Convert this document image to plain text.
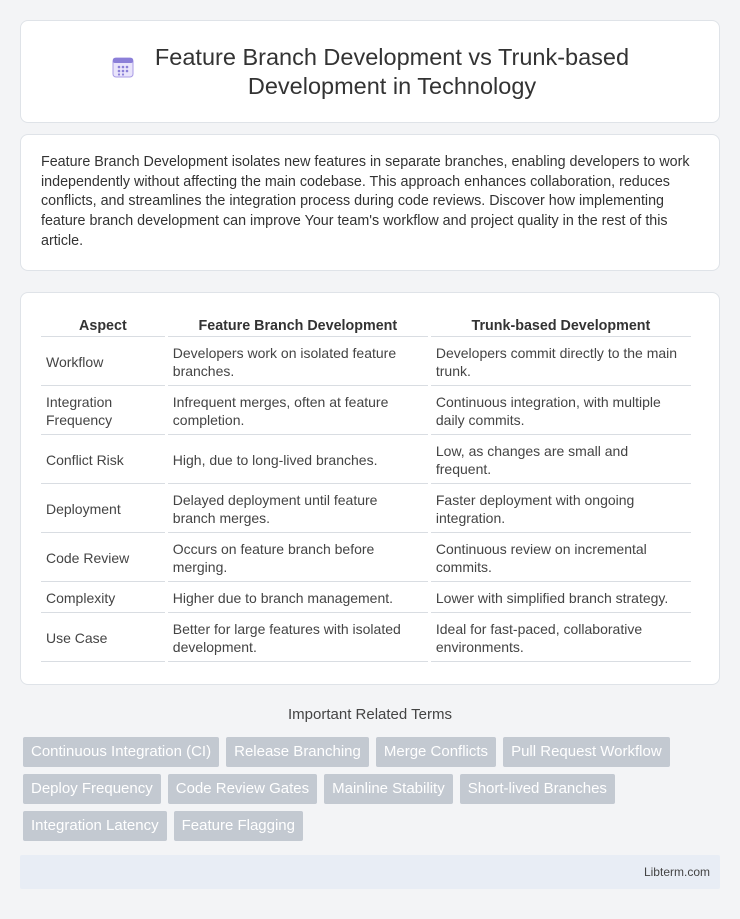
Feature Branch Development vs Trunk-based
Development in Technology

Feature Branch Development isolates new features in separate branches, enabling developers to work independently without affecting the main codebase. This approach enhances collaboration, reduces conflicts, and streamlines the integration process during code reviews. Discover how implementing feature branch development can improve Your team's workflow and project quality in the rest of this article.

Aspect	Feature Branch Development	Trunk-based Development
Workflow	Developers work on isolated feature branches.	Developers commit directly to the main trunk.
Integration Frequency	Infrequent merges, often at feature completion.	Continuous integration, with multiple daily commits.
Conflict Risk	High, due to long-lived branches.	Low, as changes are small and frequent.
Deployment	Delayed deployment until feature branch merges.	Faster deployment with ongoing integration.
Code Review	Occurs on feature branch before merging.	Continuous review on incremental commits.
Complexity	Higher due to branch management.	Lower with simplified branch strategy.
Use Case	Better for large features with isolated development.	Ideal for fast-paced, collaborative environments.
Important Related Terms
Continuous Integration (CI)	Release Branching	Merge Conflicts	Pull Request Workflow
Deploy Frequency	Code Review Gates	Mainline Stability	Short-lived Branches
Integration Latency	Feature Flagging
Libterm.com
